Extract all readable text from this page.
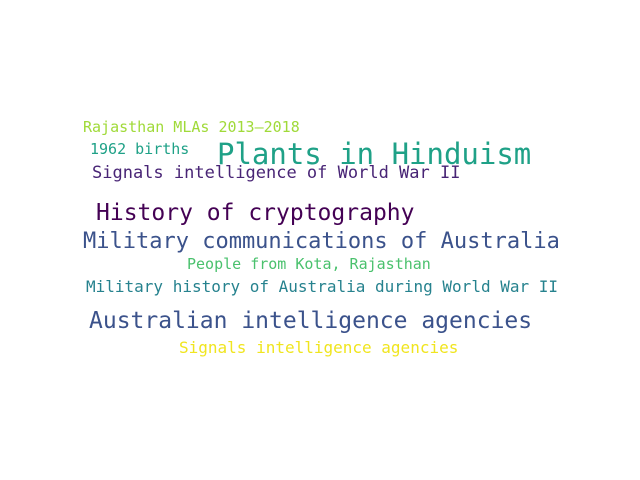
Rajasthan MLAs 2013–2018
1962 births Plants in Hinduism
Signals intelligence of World War II
History of cryptography
Military communications of Australia
People from Kota, Rajasthan
Military history of Australia during World War II
Australian intelligence agencies
Signals intelligence agencies
